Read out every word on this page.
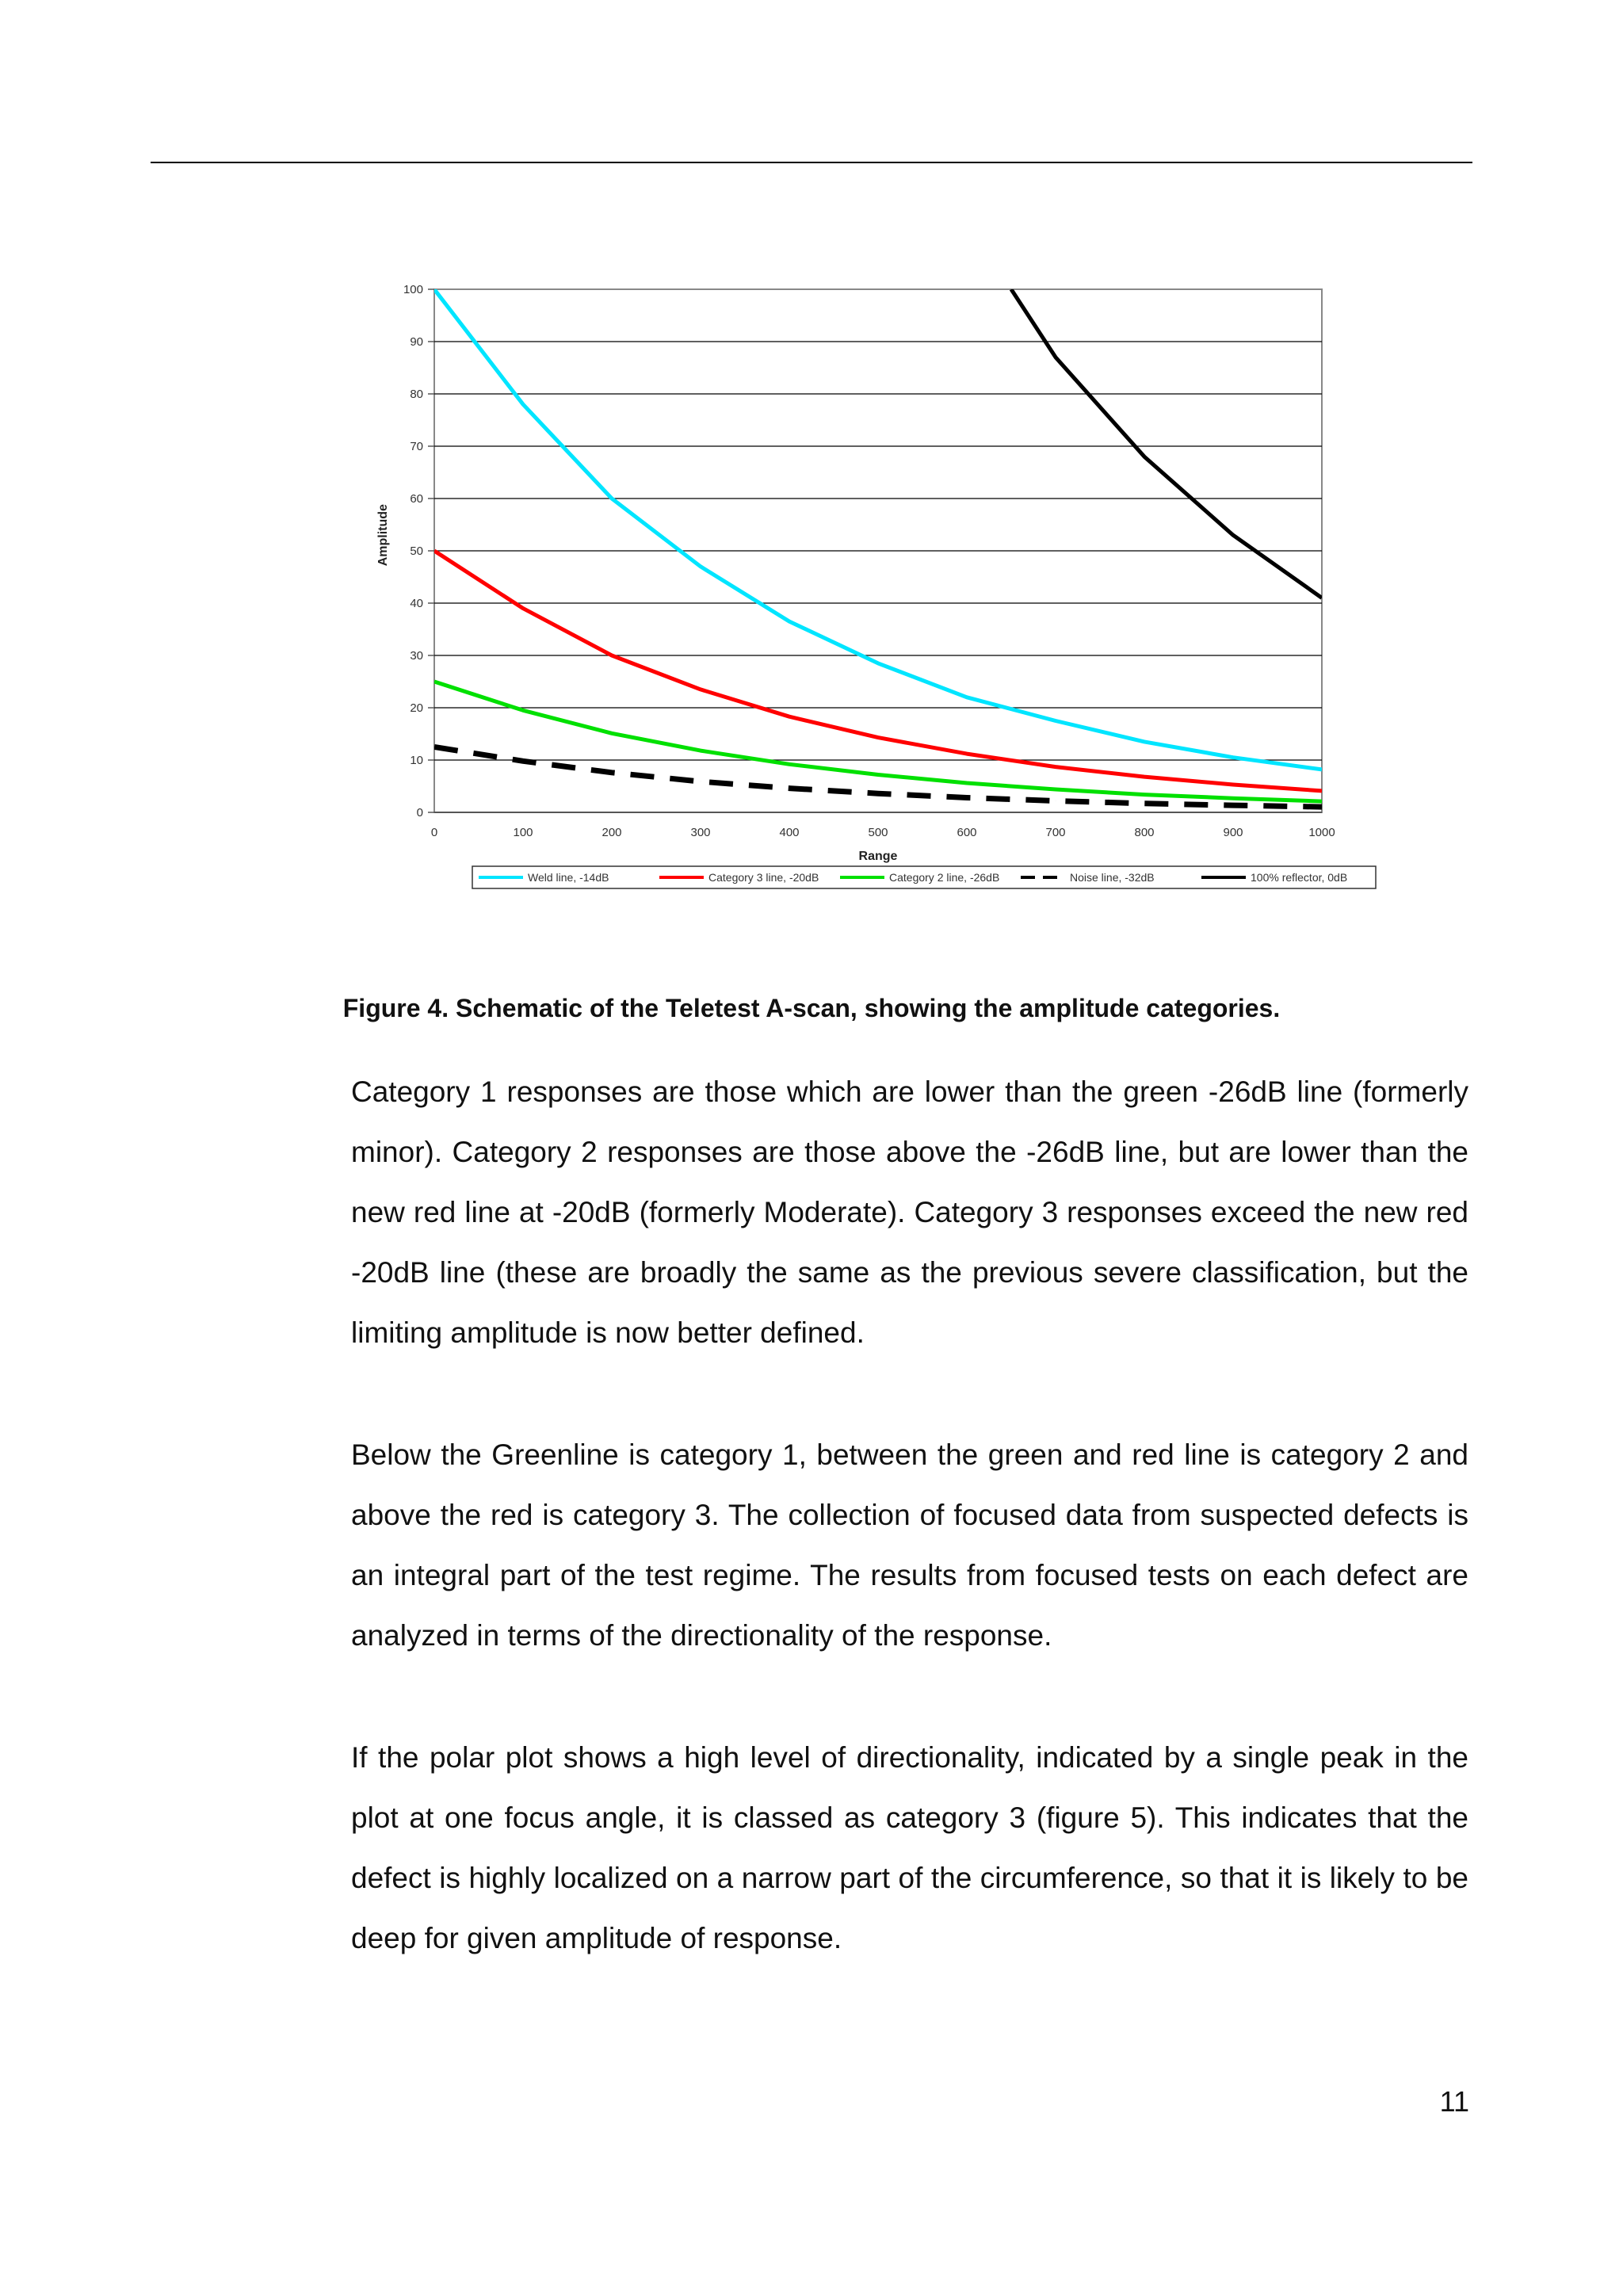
0
10
20
30
40
50
60
70
80
90
100
0	100	200	300	400	500	600	700	800	900	1000
Range
Amplitude
Weld line, -14dB	Category 3 line, -20dB	Category 2 line, -26dB	Noise line, -32dB	100% reflector, 0dB
Figure 4. Schematic of the Teletest A-scan, showing the amplitude categories.

Category 1 responses are those which are lower than the green -26dB line (formerly minor). Category 2 responses are those above the -26dB line, but are lower than the new red line at -20dB (formerly Moderate). Category 3 responses exceed the new red -20dB line (these are broadly the same as the previous severe classification, but the limiting amplitude is now better defined.

Below the Greenline is category 1, between the green and red line is category 2 and above the red is category 3. The collection of focused data from suspected defects is an integral part of the test regime. The results from focused tests on each defect are analyzed in terms of the directionality of the response.

If the polar plot shows a high level of directionality, indicated by a single peak in the plot at one focus angle, it is classed as category 3 (figure 5). This indicates that the defect is highly localized on a narrow part of the circumference, so that it is likely to be deep for given amplitude of response.

11
